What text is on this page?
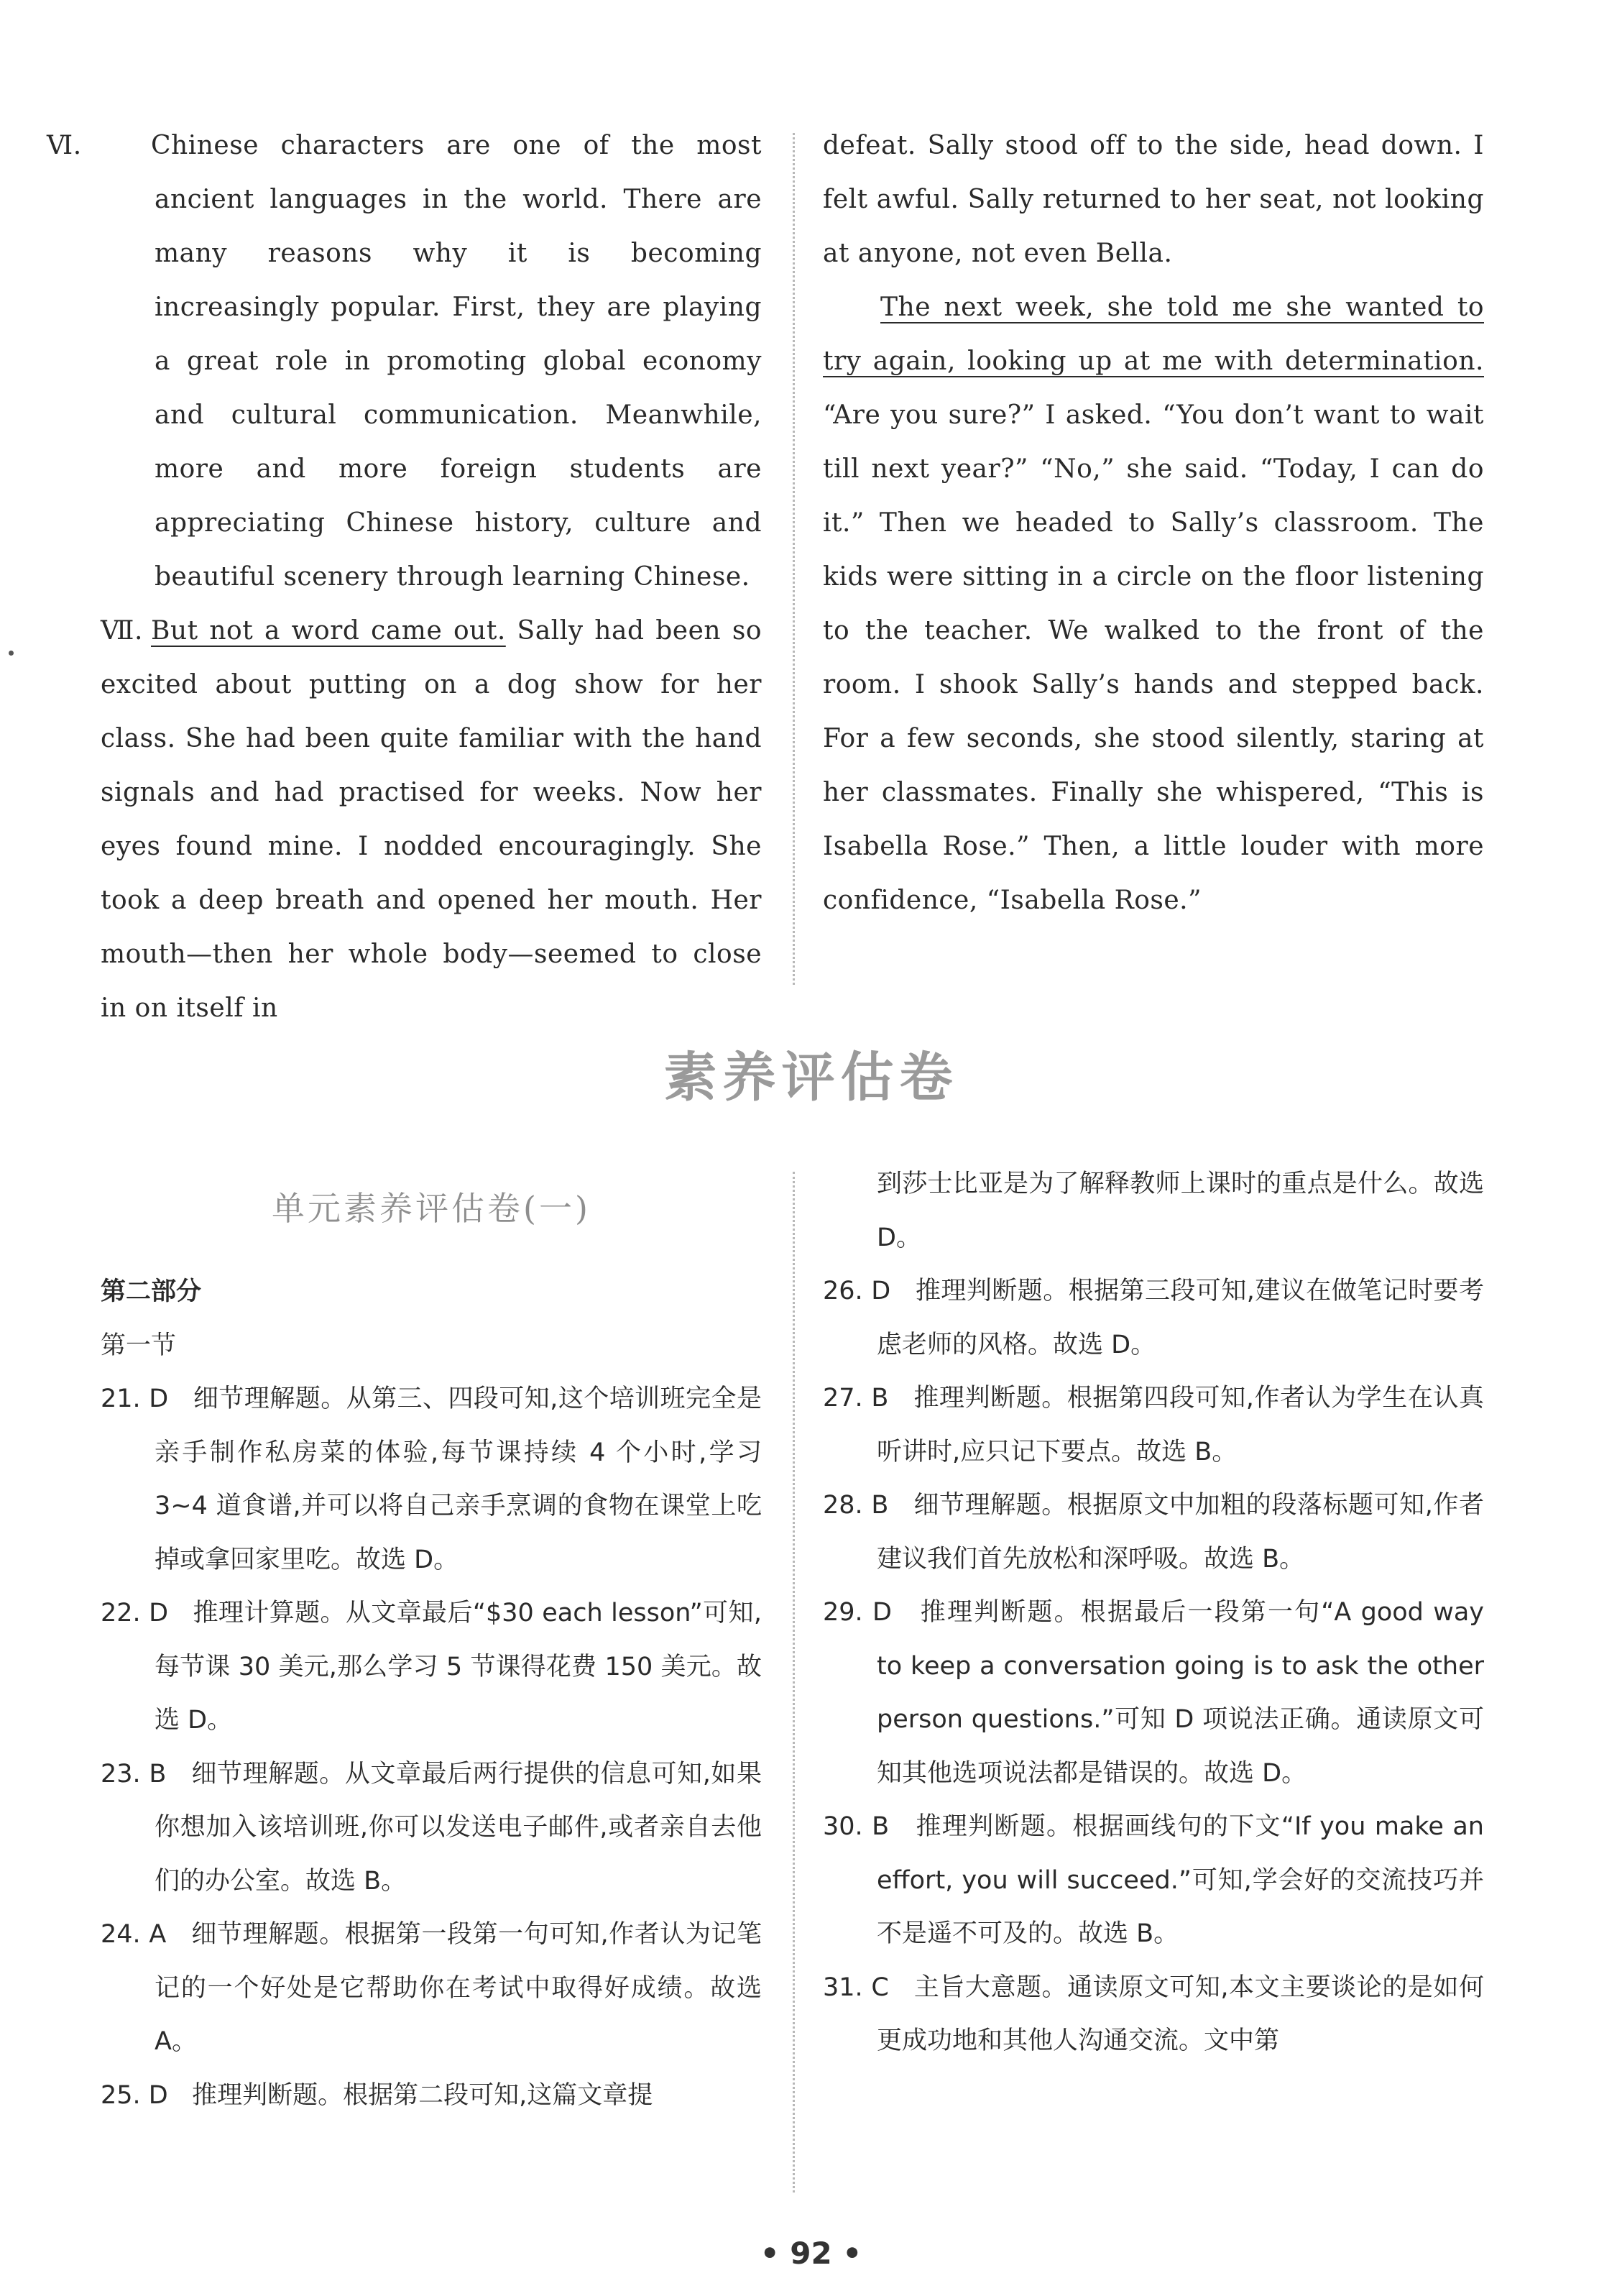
Ⅵ.	Chinese characters are one of the most ancient languages in the world. There are many reasons why it is becoming increasingly popular. First, they are playing a great role in promoting global economy and cultural communication. Meanwhile, more and more foreign students are appreciating Chinese history, culture and beautiful scenery through learning Chinese.

Ⅶ. But not a word came out. Sally had been so excited about putting on a dog show for her class. She had been quite familiar with the hand signals and had practised for weeks. Now her eyes found mine. I nodded encouragingly. She took a deep breath and opened her mouth. Her mouth—then her whole body—seemed to close in on itself in

defeat. Sally stood off to the side, head down. I felt awful. Sally returned to her seat, not looking at anyone, not even Bella.

The next week, she told me she wanted to try again, looking up at me with determination. “Are you sure?” I asked. “You don’t want to wait till next year?” “No,” she said. “Today, I can do it.” Then we headed to Sally’s classroom. The kids were sitting in a circle on the floor listening to the teacher. We walked to the front of the room. I shook Sally’s hands and stepped back. For a few seconds, she stood silently, staring at her classmates. Finally she whispered, “This is Isabella Rose.” Then, a little louder with more confidence, “Isabella Rose.”

素养评估卷
单元素养评估卷(一)

第二部分

第一节

21. D 细节理解题。从第三、四段可知,这个培训班完全是亲手制作私房菜的体验,每节课持续 4 个小时,学习 3~4 道食谱,并可以将自己亲手烹调的食物在课堂上吃掉或拿回家里吃。故选 D。

22. D 推理计算题。从文章最后“$30 each lesson”可知,每节课 30 美元,那么学习 5 节课得花费 150 美元。故选 D。

23. B 细节理解题。从文章最后两行提供的信息可知,如果你想加入该培训班,你可以发送电子邮件,或者亲自去他们的办公室。故选 B。

24. A 细节理解题。根据第一段第一句可知,作者认为记笔记的一个好处是它帮助你在考试中取得好成绩。故选 A。

25. D 推理判断题。根据第二段可知,这篇文章提

到莎士比亚是为了解释教师上课时的重点是什么。故选 D。

26. D 推理判断题。根据第三段可知,建议在做笔记时要考虑老师的风格。故选 D。

27. B 推理判断题。根据第四段可知,作者认为学生在认真听讲时,应只记下要点。故选 B。

28. B 细节理解题。根据原文中加粗的段落标题可知,作者建议我们首先放松和深呼吸。故选 B。

29. D 推理判断题。根据最后一段第一句“A good way to keep a conversation going is to ask the other person questions.”可知 D 项说法正确。通读原文可知其他选项说法都是错误的。故选 D。

30. B 推理判断题。根据画线句的下文“If you make an effort, you will succeed.”可知,学会好的交流技巧并不是遥不可及的。故选 B。

31. C 主旨大意题。通读原文可知,本文主要谈论的是如何更成功地和其他人沟通交流。文中第

• 92 •
